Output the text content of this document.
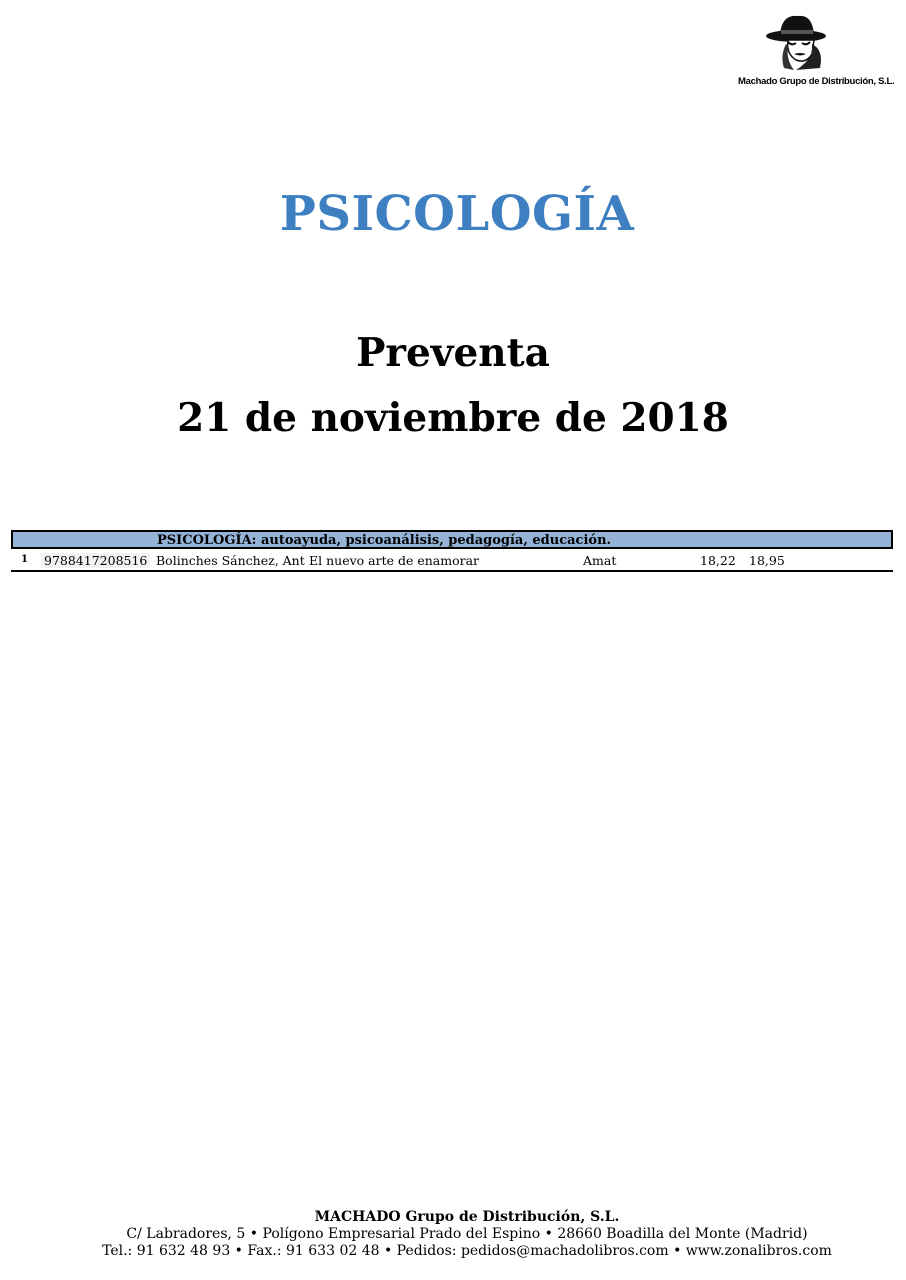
Machado Grupo de Distribución, S.L.
PSICOLOGÍA
Preventa
21 de noviembre de 2018
PSICOLOGÍA: autoayuda, psicoanálisis, pedagogía, educación.
1 9788417208516 Bolinches Sánchez, Ant El nuevo arte de enamorar	Amat	18,22 18,95
MACHADO Grupo de Distribución, S.L.
C/ Labradores, 5 • Polígono Empresarial Prado del Espino • 28660 Boadilla del Monte (Madrid)
Tel.: 91 632 48 93 • Fax.: 91 633 02 48 • Pedidos: pedidos@machadolibros.com • www.zonalibros.com
